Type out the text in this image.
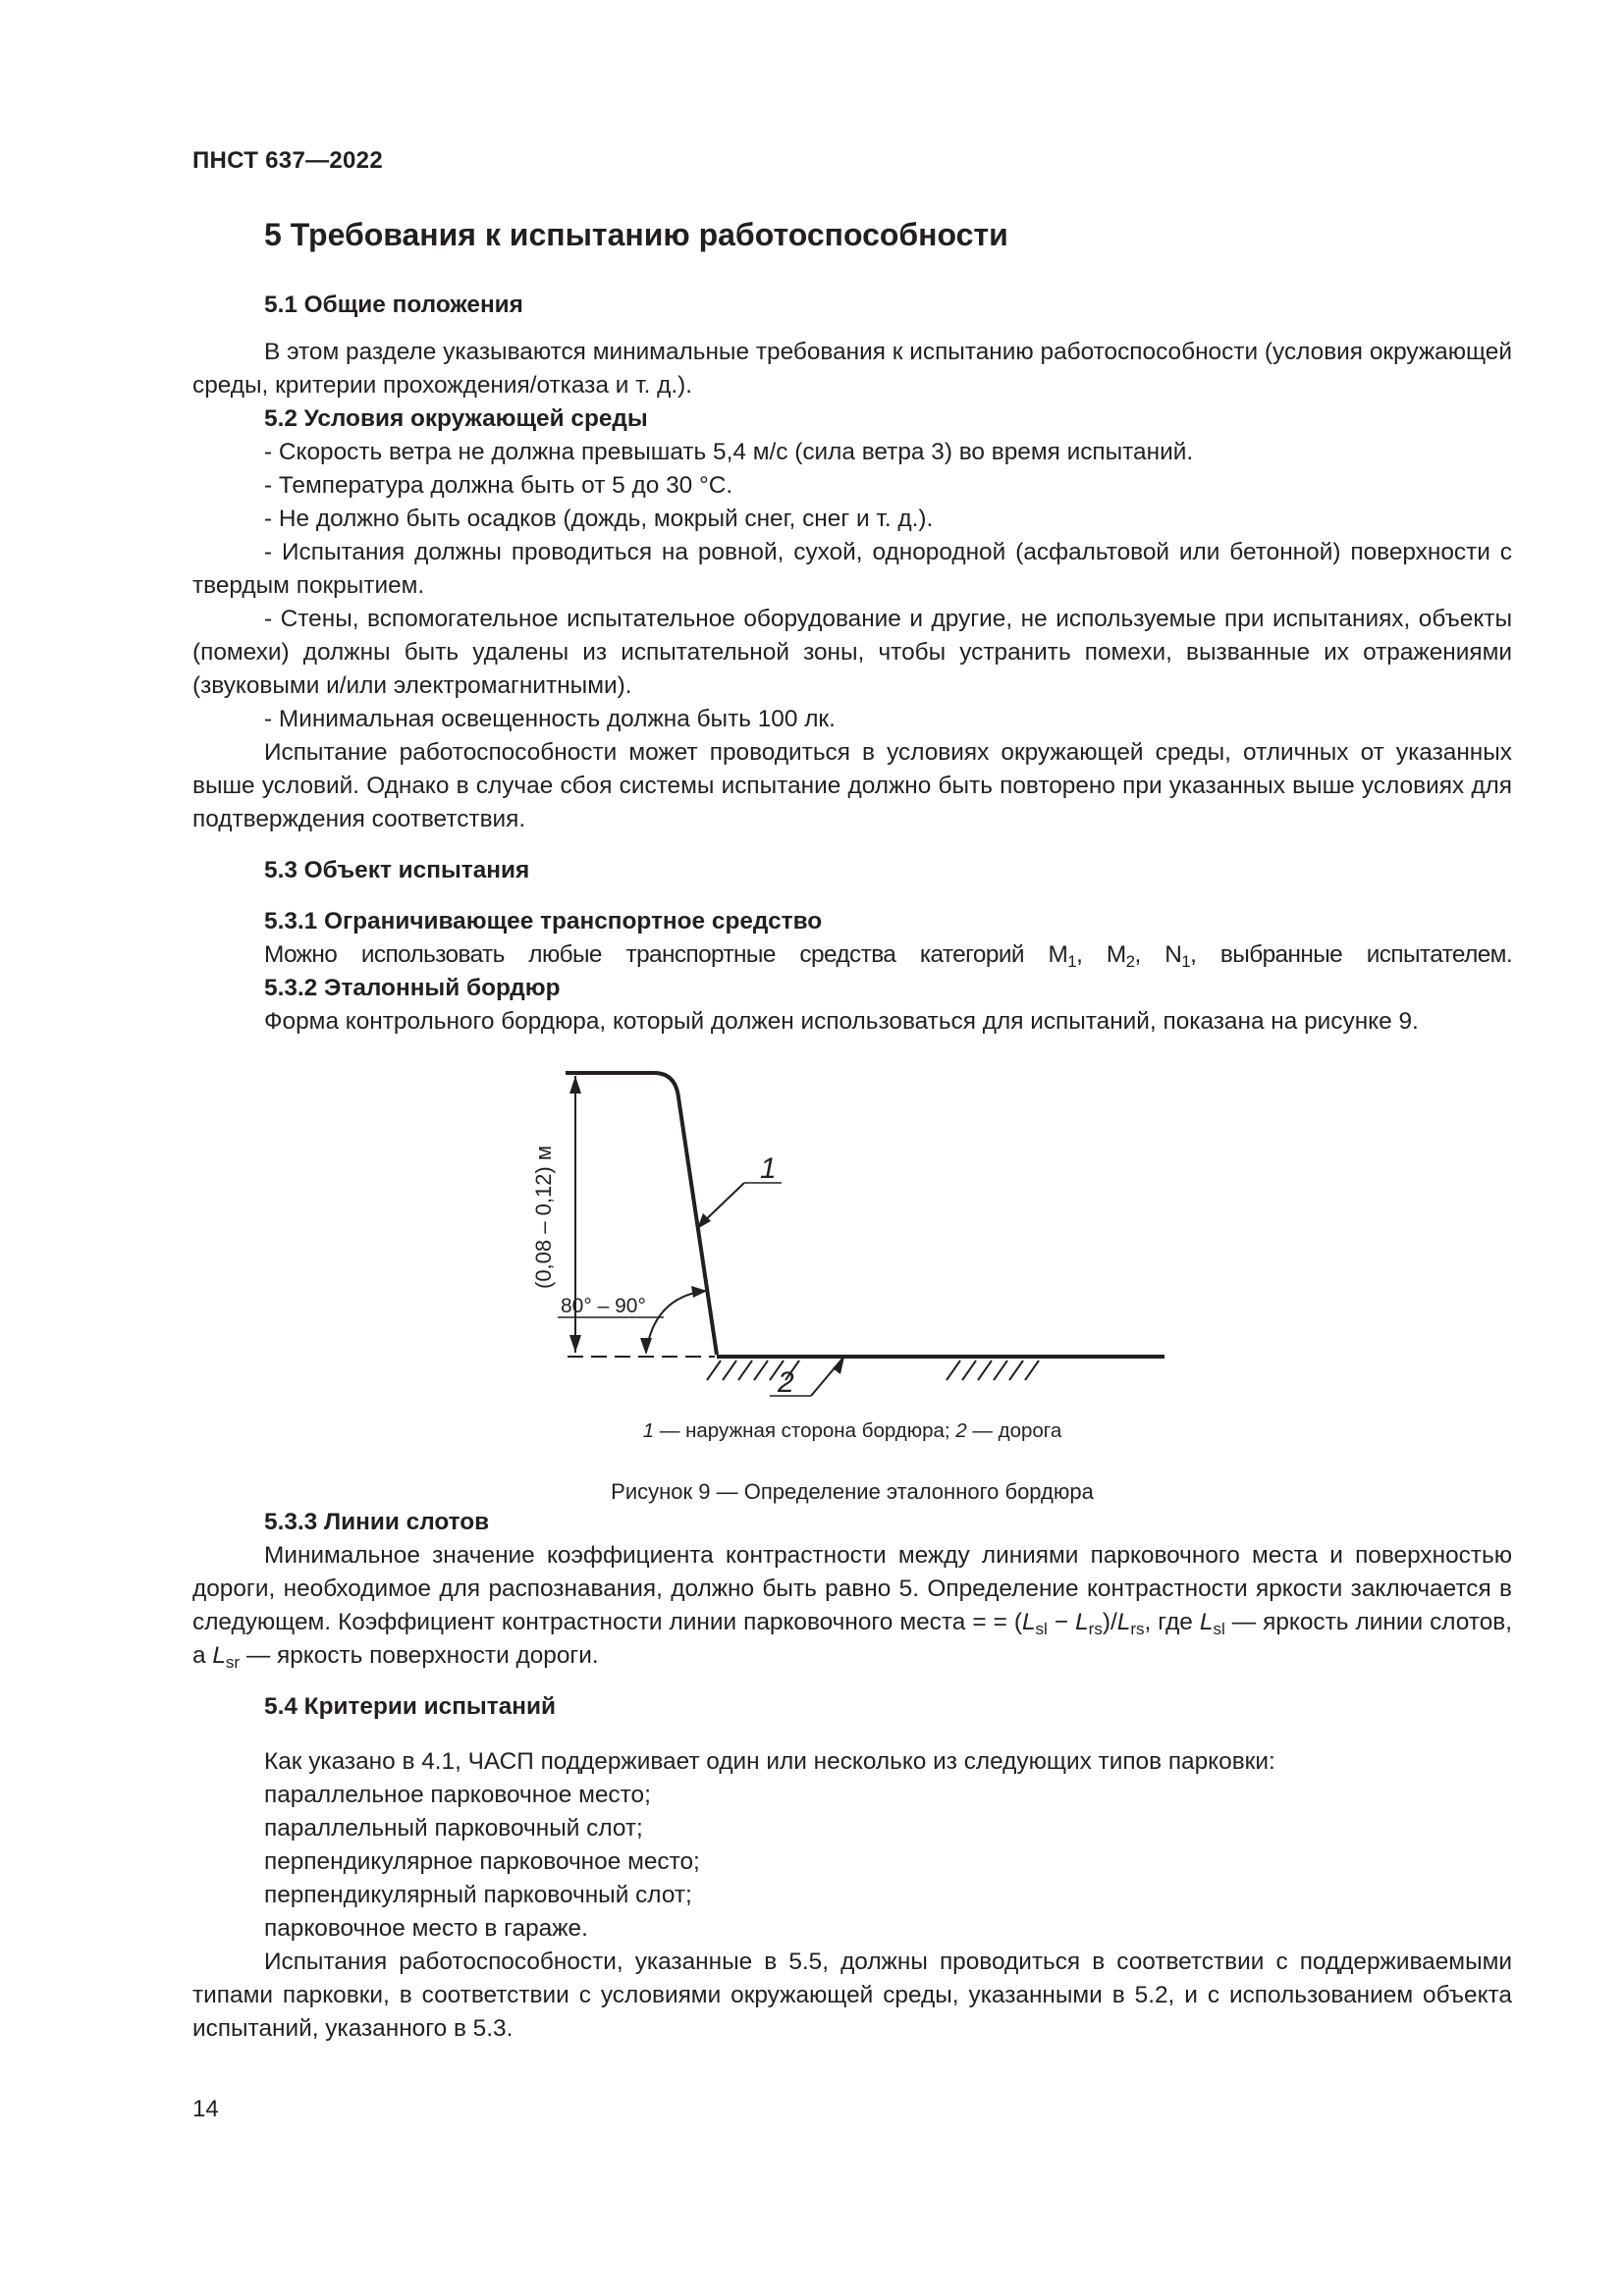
ПНСТ 637—2022
5 Требования к испытанию работоспособности
5.1 Общие положения
В этом разделе указываются минимальные требования к испытанию работоспособности (условия окружающей среды, критерии прохождения/отказа и т. д.).
5.2 Условия окружающей среды
- Скорость ветра не должна превышать 5,4 м/с (сила ветра 3) во время испытаний.
- Температура должна быть от 5 до 30 °С.
- Не должно быть осадков (дождь, мокрый снег, снег и т. д.).
- Испытания должны проводиться на ровной, сухой, однородной (асфальтовой или бетонной) поверхности с твердым покрытием.
- Стены, вспомогательное испытательное оборудование и другие, не используемые при испытаниях, объекты (помехи) должны быть удалены из испытательной зоны, чтобы устранить помехи, вызванные их отражениями (звуковыми и/или электромагнитными).
- Минимальная освещенность должна быть 100 лк.
Испытание работоспособности может проводиться в условиях окружающей среды, отличных от указанных выше условий. Однако в случае сбоя системы испытание должно быть повторено при указанных выше условиях для подтверждения соответствия.
5.3 Объект испытания
5.3.1 Ограничивающее транспортное средство
Можно использовать любые транспортные средства категорий $М_1$, $М_2$, $N_1$, выбранные испытателем.
5.3.2 Эталонный бордюр
Форма контрольного бордюра, который должен использоваться для испытаний, показана на рисунке 9.
(0,08 – 0,12) м
80° – 90°
1
2
1 — наружная сторона бордюра; 2 — дорога
Рисунок 9 — Определение эталонного бордюра
5.3.3 Линии слотов
Минимальное значение коэффициента контрастности между линиями парковочного места и поверхностью дороги, необходимое для распознавания, должно быть равно 5. Определение контрастности яркости заключается в следующем. Коэффициент контрастности линии парковочного места = = $(L_{sl} - L_{rs})/L_{rs}$, где $L_{sl}$ — яркость линии слотов, а $L_{sr}$ — яркость поверхности дороги.
5.4 Критерии испытаний
Как указано в 4.1, ЧАСП поддерживает один или несколько из следующих типов парковки:
параллельное парковочное место;
параллельный парковочный слот;
перпендикулярное парковочное место;
перпендикулярный парковочный слот;
парковочное место в гараже.
Испытания работоспособности, указанные в 5.5, должны проводиться в соответствии с поддерживаемыми типами парковки, в соответствии с условиями окружающей среды, указанными в 5.2, и с использованием объекта испытаний, указанного в 5.3.
14
